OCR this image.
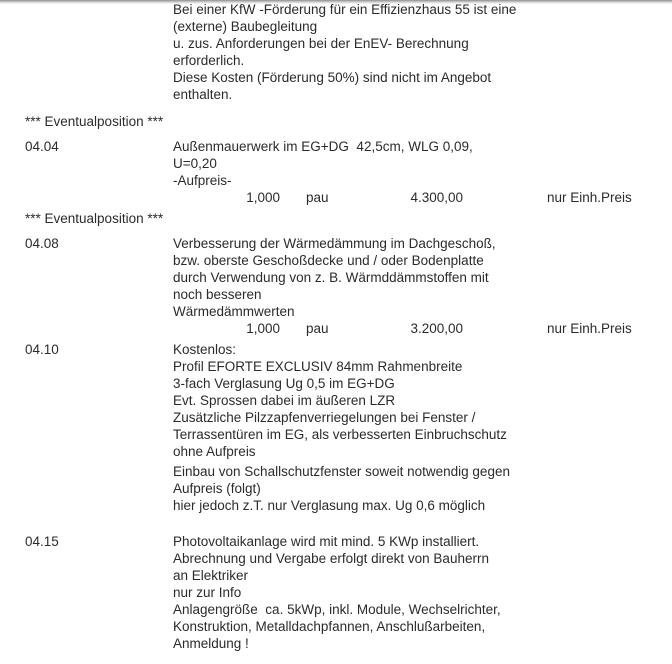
Bei einer KfW -Förderung für ein Effizienzhaus 55 ist eine
(externe) Baubegleitung
u. zus. Anforderungen bei der EnEV- Berechnung
erforderlich.
Diese Kosten (Förderung 50%) sind nicht im Angebot
enthalten.
*** Eventualposition ***
04.04	Außenmauerwerk im EG+DG  42,5cm, WLG 0,09,
U=0,20
-Aufpreis-
1,000 pau	4.300,00	nur Einh.Preis
*** Eventualposition ***
04.08	Verbesserung der Wärmedämmung im Dachgeschoß,
bzw. oberste Geschoßdecke und / oder Bodenplatte
durch Verwendung von z. B. Wärmddämmstoffen mit
noch besseren
Wärmedämmwerten
1,000 pau	3.200,00	nur Einh.Preis
04.10	Kostenlos:
Profil EFORTE EXCLUSIV 84mm Rahmenbreite
3-fach Verglasung Ug 0,5 im EG+DG
Evt. Sprossen dabei im äußeren LZR
Zusätzliche Pilzzapfenverriegelungen bei Fenster /
Terrassentüren im EG, als verbesserten Einbruchschutz
ohne Aufpreis
Einbau von Schallschutzfenster soweit notwendig gegen
Aufpreis (folgt)
hier jedoch z.T. nur Verglasung max. Ug 0,6 möglich
04.15	Photovoltaikanlage wird mit mind. 5 KWp installiert.
Abrechnung und Vergabe erfolgt direkt von Bauherrn
an Elektriker
nur zur Info
Anlagengröße  ca. 5kWp, inkl. Module, Wechselrichter,
Konstruktion, Metalldachpfannen, Anschlußarbeiten,
Anmeldung !
